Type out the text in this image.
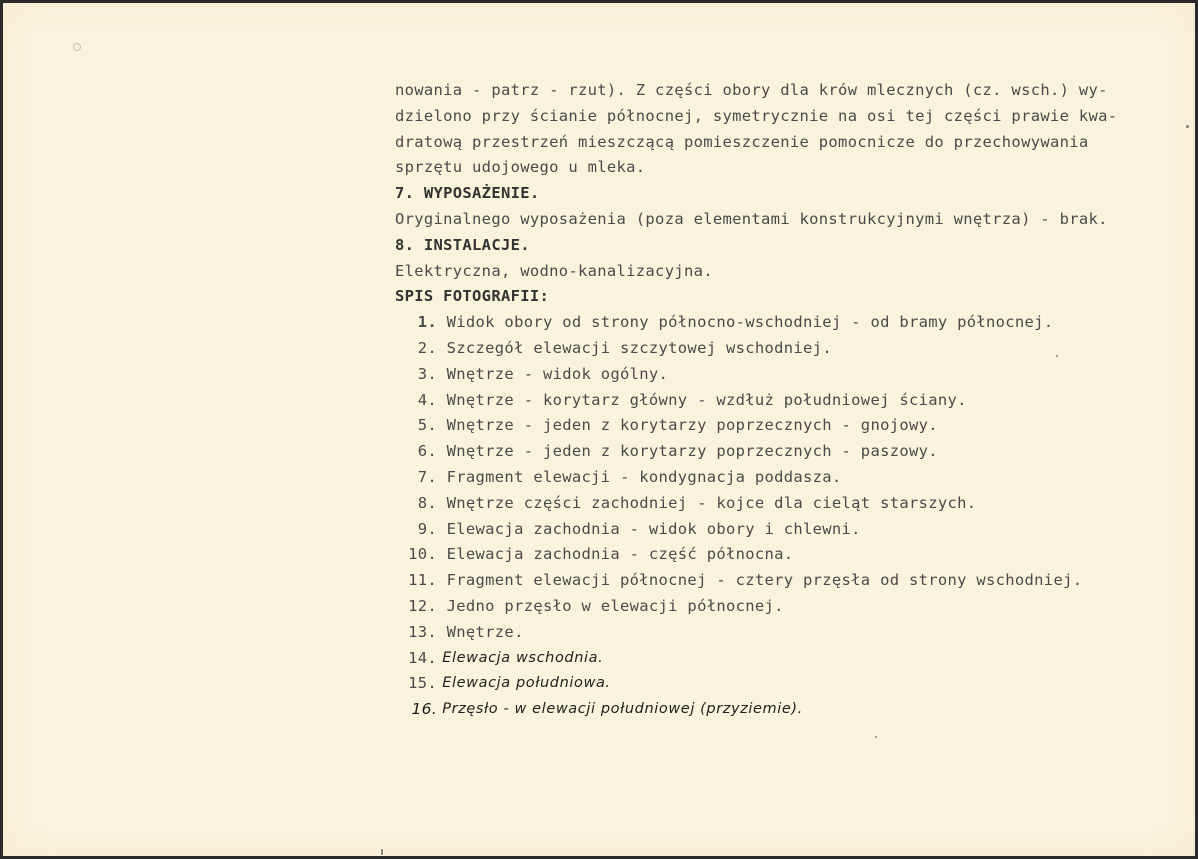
nowania - patrz - rzut). Z części obory dla krów mlecznych (cz. wsch.) wy-
dzielono przy ścianie północnej, symetrycznie na osi tej części prawie kwa-
dratową przestrzeń mieszczącą pomieszczenie pomocnicze do przechowywania
sprzętu udojowego u mleka.
7. WYPOSAŻENIE.
Oryginalnego wyposażenia (poza elementami konstrukcyjnymi wnętrza) - brak.
8. INSTALACJE.
Elektryczna, wodno-kanalizacyjna.
SPIS FOTOGRAFII:
1. Widok obory od strony północno-wschodniej - od bramy północnej.
2. Szczegół elewacji szczytowej wschodniej.
3. Wnętrze - widok ogólny.
4. Wnętrze - korytarz główny - wzdłuż południowej ściany.
5. Wnętrze - jeden z korytarzy poprzecznych - gnojowy.
6. Wnętrze - jeden z korytarzy poprzecznych - paszowy.
7. Fragment elewacji - kondygnacja poddasza.
8. Wnętrze części zachodniej - kojce dla cieląt starszych.
9. Elewacja zachodnia - widok obory i chlewni.
10. Elewacja zachodnia - część północna.
11. Fragment elewacji północnej - cztery przęsła od strony wschodniej.
12. Jedno przęsło w elewacji północnej.
13. Wnętrze.
14. Elewacja wschodnia.
15. Elewacja południowa.
16. Przęsło - w elewacji południowej (przyziemie).
